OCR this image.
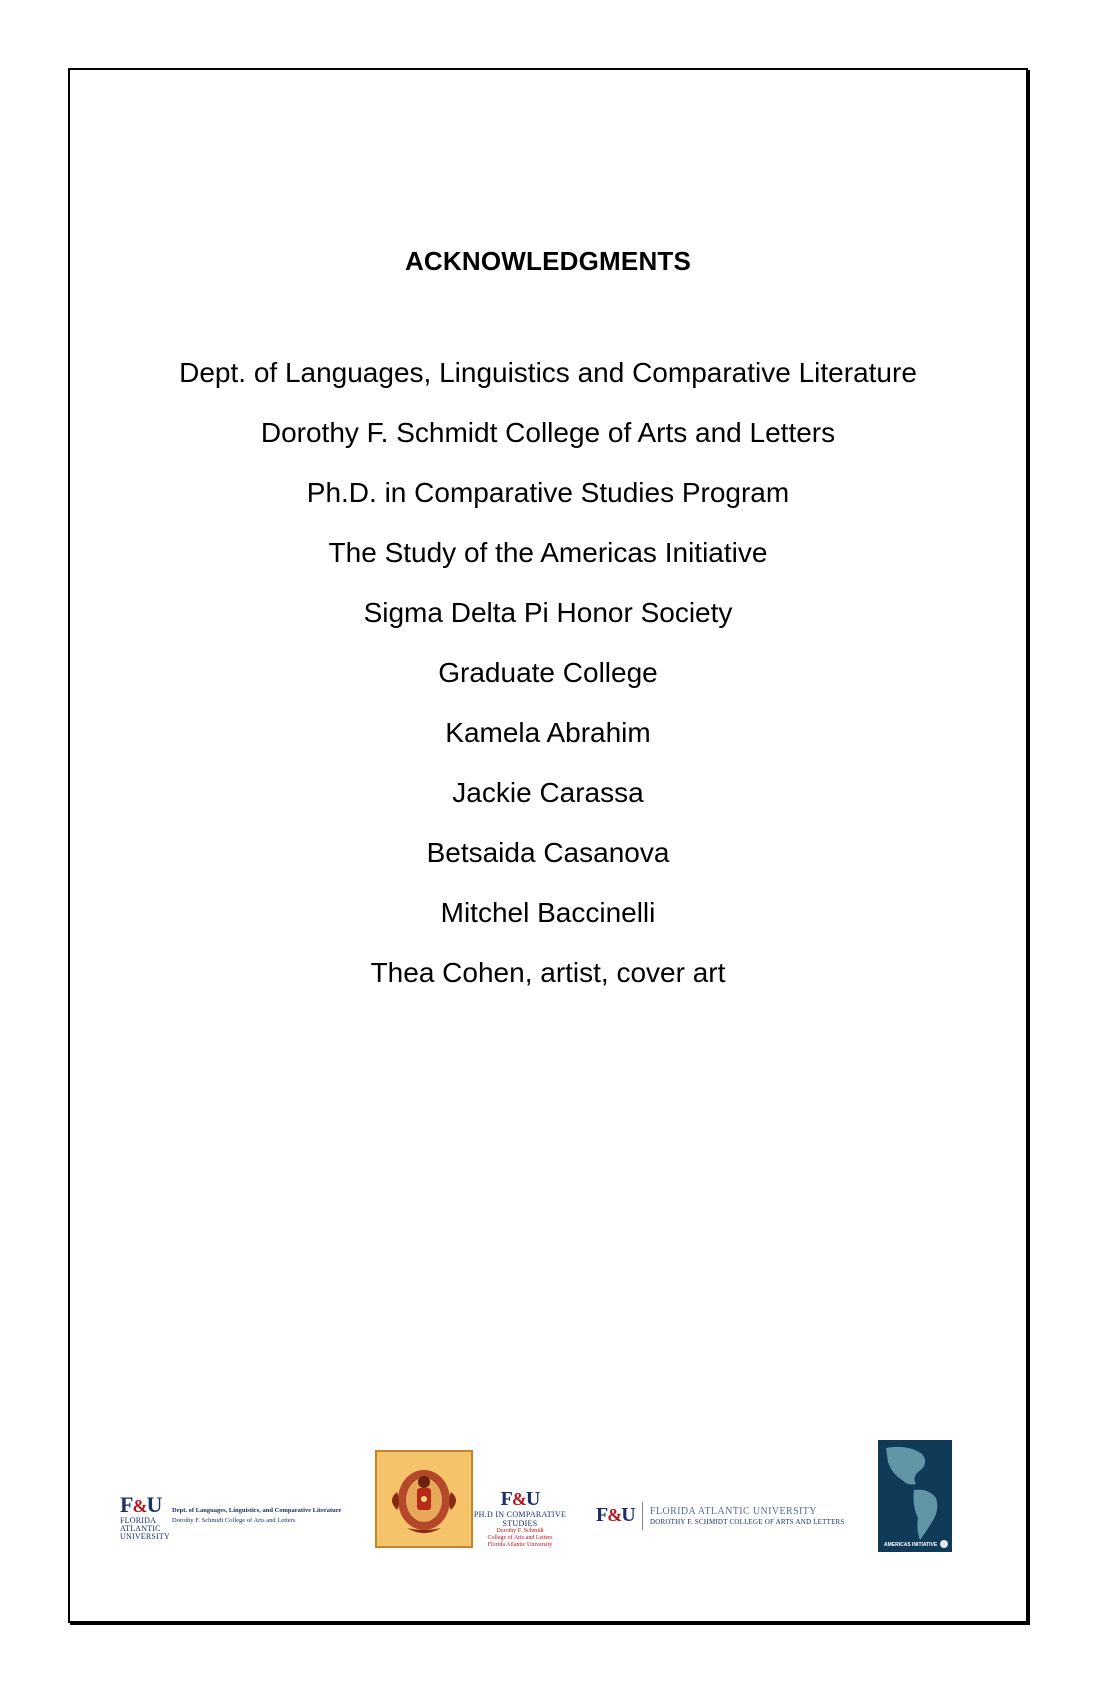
ACKNOWLEDGMENTS
Dept. of Languages, Linguistics and Comparative Literature
Dorothy F. Schmidt College of Arts and Letters
Ph.D. in Comparative Studies Program
The Study of the Americas Initiative
Sigma Delta Pi Honor Society
Graduate College
Kamela Abrahim
Jackie Carassa
Betsaida Casanova
Mitchel Baccinelli
Thea Cohen, artist, cover art
F&U
FLORIDA
ATLANTIC
UNIVERSITY
Dept. of Languages, Linguistics, and Comparative Literature
Dorothy F. Schmidt College of Arts and Letters
F&U
PH.D IN COMPARATIVE
STUDIES
Dorothy F. Schmidt
College of Arts and Letters
Florida Atlantic University
F&U FLORIDA ATLANTIC UNIVERSITY
DOROTHY F. SCHMIDT COLLEGE OF ARTS AND LETTERS
AMERICAS INITIATIVE
